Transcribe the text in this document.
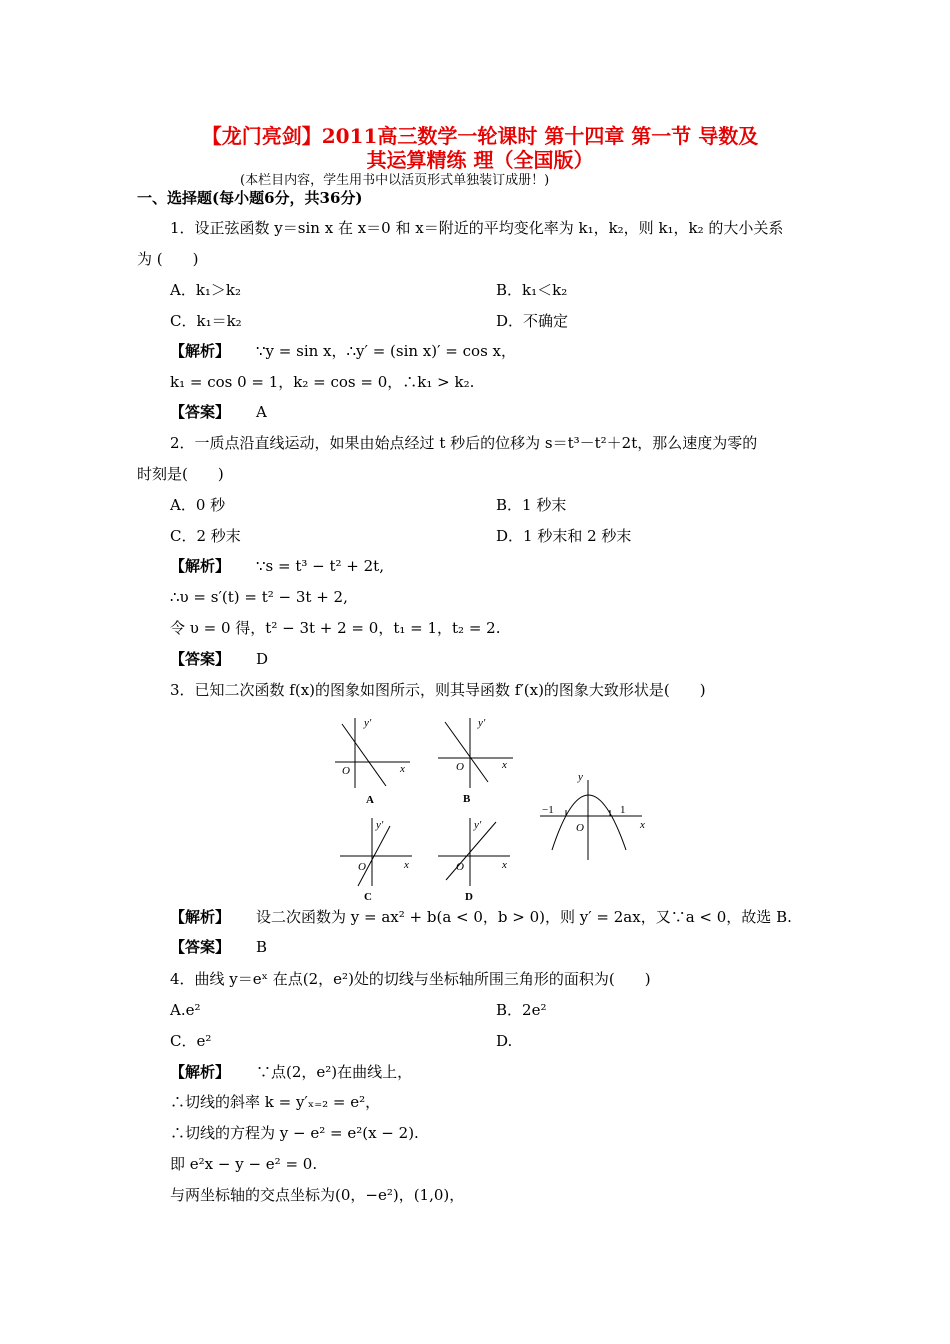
【龙门亮剑】2011高三数学一轮课时 第十四章 第一节 导数及
其运算精练 理（全国版）
(本栏目内容，学生用书中以活页形式单独装订成册！)
一、选择题(每小题6分，共36分)
1．设正弦函数 y＝sin x 在 x＝0 和 x＝附近的平均变化率为 k₁，k₂，则 k₁，k₂ 的大小关系
为 (　　)
A．k₁＞k₂	B．k₁＜k₂
C．k₁＝k₂	D．不确定
【解析】 ∵y = sin x，∴y′ = (sin x)′ = cos x，
k₁ = cos 0 = 1，k₂ = cos = 0，∴k₁ > k₂.
【答案】 A
2．一质点沿直线运动，如果由始点经过 t 秒后的位移为 s＝t³－t²＋2t，那么速度为零的
时刻是(　　)
A．0 秒	B．1 秒末
C．2 秒末	D．1 秒末和 2 秒末
【解析】 ∵s = t³ − t² + 2t,
∴υ = s′(t) = t² − 3t + 2,
令 υ = 0 得，t² − 3t + 2 = 0，t₁ = 1，t₂ = 2.
【答案】 D
3．已知二次函数 f(x)的图象如图所示，则其导函数 f′(x)的图象大致形状是(　　)
y′
x
O
A
y′
x
O
B
y′
x
O
C
y′
x
O
D
y
x
O
−1	1
【解析】 设二次函数为 y = ax² + b(a < 0，b > 0)，则 y′ = 2ax，又∵a < 0，故选 B.
【答案】 B
4．曲线 y＝eˣ 在点(2，e²)处的切线与坐标轴所围三角形的面积为(　　)
A.e²	B．2e²
C．e²	D.
【解析】 ∵点(2，e²)在曲线上，
∴切线的斜率 k = y′ₓ₌₂ = e²，
∴切线的方程为 y − e² = e²(x − 2).
即 e²x − y − e² = 0.
与两坐标轴的交点坐标为(0，−e²)，(1,0)，
